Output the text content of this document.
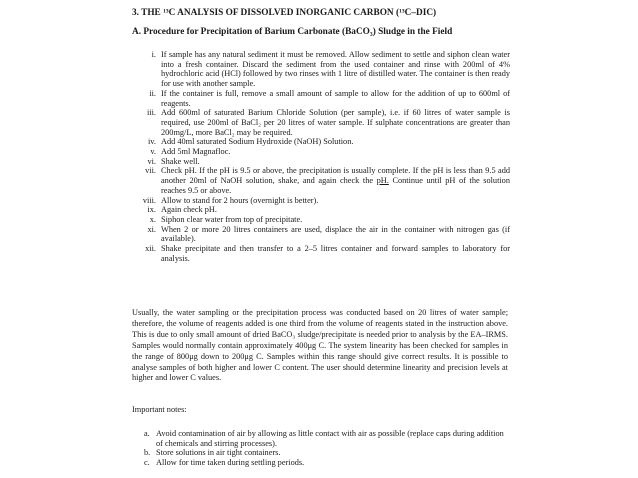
3. THE ¹³C ANALYSIS OF DISSOLVED INORGANIC CARBON (¹³C–DIC)
A. Procedure for Precipitation of Barium Carbonate (BaCO₃) Sludge in the Field
i. If sample has any natural sediment it must be removed. Allow sediment to settle and siphon clean water into a fresh container. Discard the sediment from the used container and rinse with 200ml of 4% hydrochloric acid (HCl) followed by two rinses with 1 litre of distilled water. The container is then ready for use with another sample.
ii. If the container is full, remove a small amount of sample to allow for the addition of up to 600ml of reagents.
iii. Add 600ml of saturated Barium Chloride Solution (per sample), i.e. if 60 litres of water sample is required, use 200ml of BaCl₂ per 20 litres of water sample. If sulphate concentrations are greater than 200mg/L, more BaCl₂ may be required.
iv. Add 40ml saturated Sodium Hydroxide (NaOH) Solution.
v. Add 5ml Magnafloc.
vi. Shake well.
vii. Check pH. If the pH is 9.5 or above, the precipitation is usually complete. If the pH is less than 9.5 add another 20ml of NaOH solution, shake, and again check the pH. Continue until pH of the solution reaches 9.5 or above.
viii. Allow to stand for 2 hours (overnight is better).
ix. Again check pH.
x. Siphon clear water from top of precipitate.
xi. When 2 or more 20 litres containers are used, displace the air in the container with nitrogen gas (if available).
xii. Shake precipitate and then transfer to a 2–5 litres container and forward samples to laboratory for analysis.
Usually, the water sampling or the precipitation process was conducted based on 20 litres of water sample; therefore, the volume of reagents added is one third from the volume of reagents stated in the instruction above. This is due to only small amount of dried BaCO₃ sludge/precipitate is needed prior to analysis by the EA–IRMS. Samples would normally contain approximately 400μg C. The system linearity has been checked for samples in the range of 800μg down to 200μg C. Samples within this range should give correct results. It is possible to analyse samples of both higher and lower C content. The user should determine linearity and precision levels at higher and lower C values.
Important notes:
a. Avoid contamination of air by allowing as little contact with air as possible (replace caps during addition of chemicals and stirring processes).
b. Store solutions in air tight containers.
c. Allow for time taken during settling periods.
